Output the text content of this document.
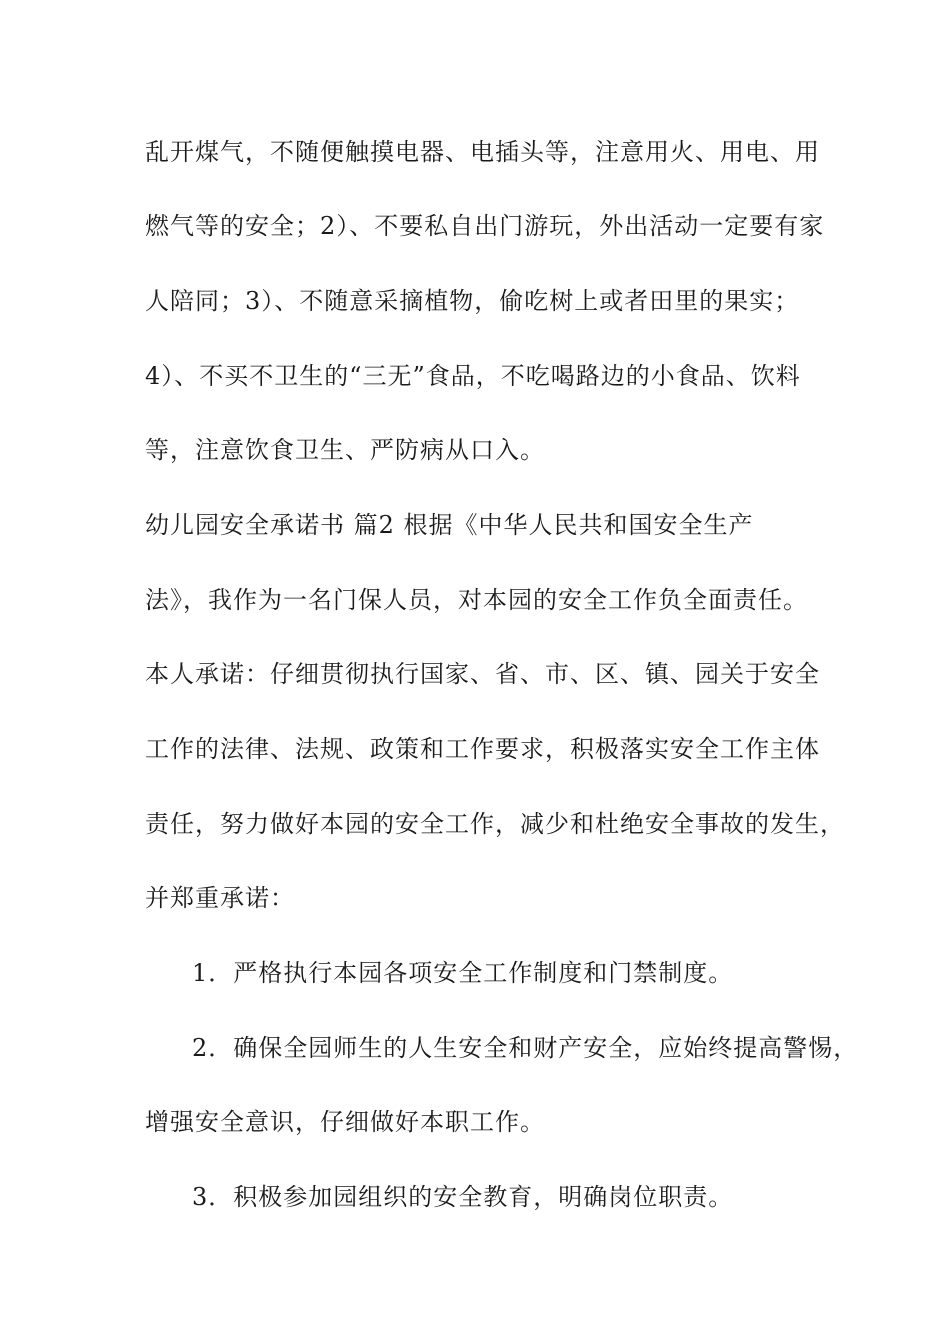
乱开煤气，不随便触摸电器、电插头等，注意用火、用电、用
燃气等的安全；2）、不要私自出门游玩，外出活动一定要有家
人陪同；3）、不随意采摘植物，偷吃树上或者田里的果实；
4）、不买不卫生的“三无”食品，不吃喝路边的小食品、饮料
等，注意饮食卫生、严防病从口入。
幼儿园安全承诺书 篇2 根据《中华人民共和国安全生产
法》，我作为一名门保人员，对本园的安全工作负全面责任。
本人承诺：仔细贯彻执行国家、省、市、区、镇、园关于安全
工作的法律、法规、政策和工作要求，积极落实安全工作主体
责任，努力做好本园的安全工作，减少和杜绝安全事故的发生，
并郑重承诺：
1．严格执行本园各项安全工作制度和门禁制度。
2．确保全园师生的人生安全和财产安全，应始终提高警惕，
增强安全意识，仔细做好本职工作。
3．积极参加园组织的安全教育，明确岗位职责。
